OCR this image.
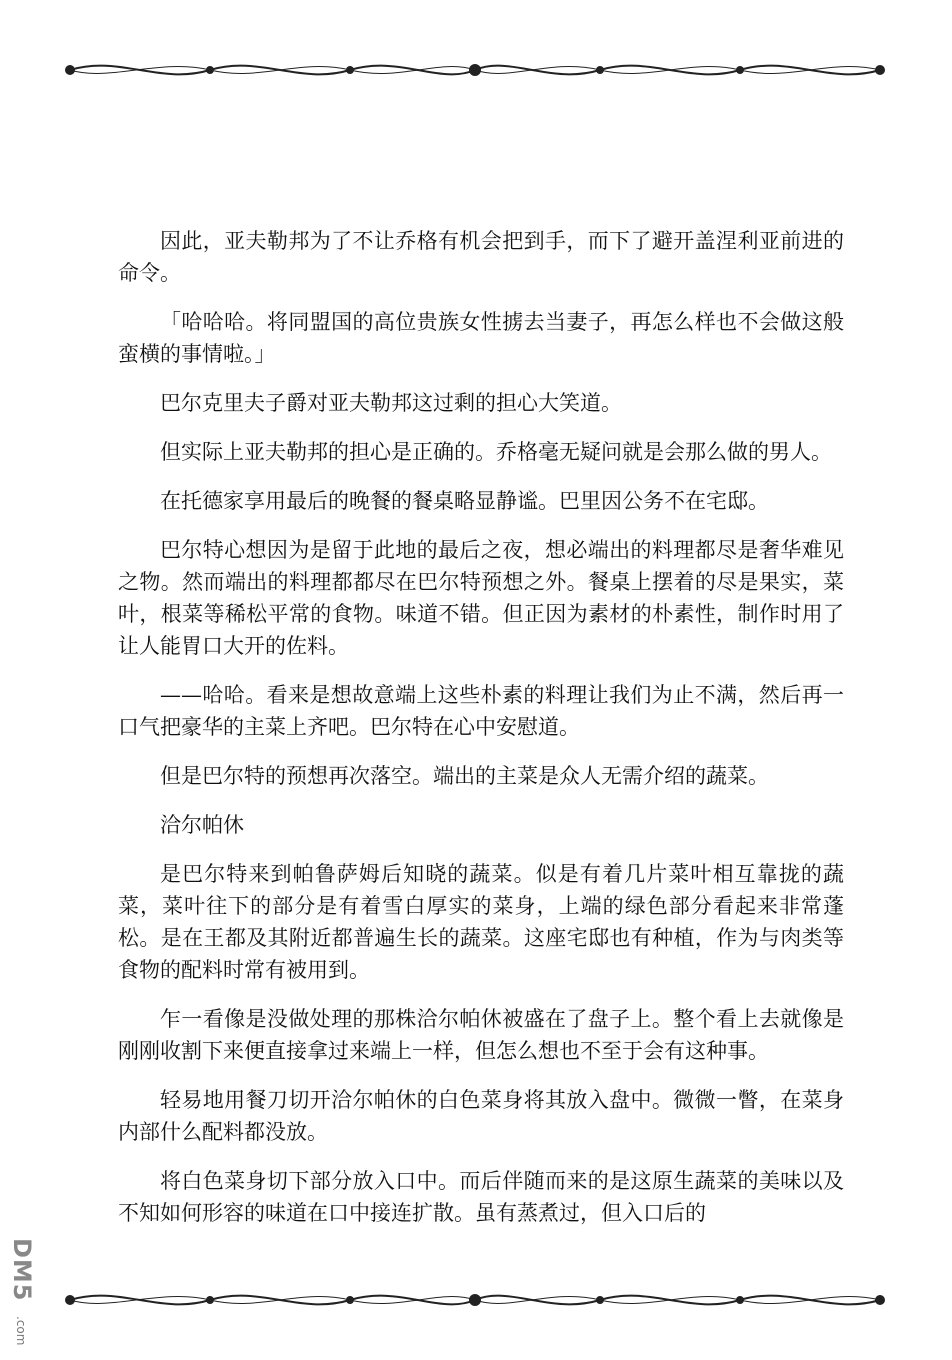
因此，亚夫勒邦为了不让乔格有机会把到手，而下了避开盖涅利亚前进的命令。

「哈哈哈。将同盟国的高位贵族女性掳去当妻子，再怎么样也不会做这般蛮横的事情啦。」

巴尔克里夫子爵对亚夫勒邦这过剩的担心大笑道。

但实际上亚夫勒邦的担心是正确的。乔格毫无疑问就是会那么做的男人。

在托德家享用最后的晚餐的餐桌略显静谧。巴里因公务不在宅邸。

巴尔特心想因为是留于此地的最后之夜，想必端出的料理都尽是奢华难见之物。然而端出的料理都都尽在巴尔特预想之外。餐桌上摆着的尽是果实，菜叶，根菜等稀松平常的食物。味道不错。但正因为素材的朴素性，制作时用了让人能胃口大开的佐料。

——哈哈。看来是想故意端上这些朴素的料理让我们为止不满，然后再一口气把豪华的主菜上齐吧。巴尔特在心中安慰道。

但是巴尔特的预想再次落空。端出的主菜是众人无需介绍的蔬菜。

洽尔帕休

是巴尔特来到帕鲁萨姆后知晓的蔬菜。似是有着几片菜叶相互靠拢的蔬菜，菜叶往下的部分是有着雪白厚实的菜身，上端的绿色部分看起来非常蓬松。是在王都及其附近都普遍生长的蔬菜。这座宅邸也有种植，作为与肉类等食物的配料时常有被用到。

乍一看像是没做处理的那株洽尔帕休被盛在了盘子上。整个看上去就像是刚刚收割下来便直接拿过来端上一样，但怎么想也不至于会有这种事。

轻易地用餐刀切开洽尔帕休的白色菜身将其放入盘中。微微一瞥，在菜身内部什么配料都没放。

将白色菜身切下部分放入口中。而后伴随而来的是这原生蔬菜的美味以及不知如何形容的味道在口中接连扩散。虽有蒸煮过，但入口后的

DM5
.com
